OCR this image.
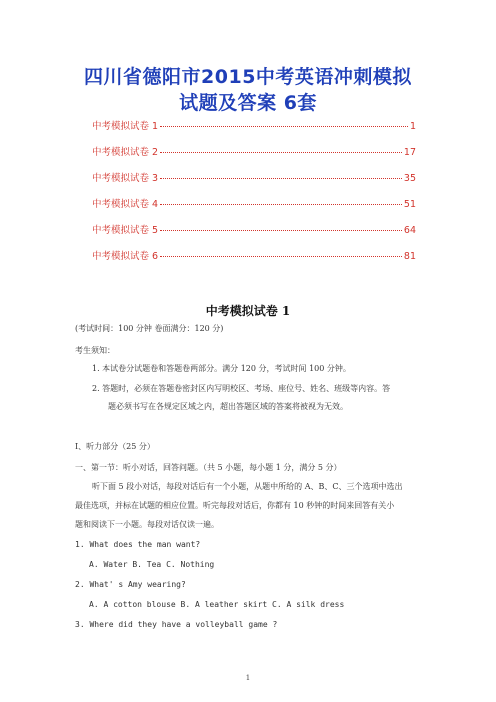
四川省德阳市2015中考英语冲刺模拟
试题及答案 6套
中考模拟试卷 1	1
中考模拟试卷 2	17
中考模拟试卷 3	35
中考模拟试卷 4	51
中考模拟试卷 5	64
中考模拟试卷 6	81
中考模拟试卷 1
(考试时间：100 分钟 卷面满分：120 分)
考生须知：
1. 本试卷分试题卷和答题卷两部分。满分 120 分，考试时间 100 分钟。
2. 答题时，必须在答题卷密封区内写明校区、考场、座位号、姓名、班级等内容。答
题必须书写在各规定区域之内，超出答题区域的答案将被视为无效。
I、听力部分（25 分）
一、第一节：听小对话，回答问题。（共 5 小题，每小题 1 分，满分 5 分）
听下面 5 段小对话，每段对话后有一个小题，从题中所给的 A、B、C、三个选项中选出
最佳选项，并标在试题的相应位置。听完每段对话后，你都有 10 秒钟的时间来回答有关小
题和阅读下一小题。每段对话仅读一遍。
1. What does the man want?
A. Water B. Tea C. Nothing
2. What' s Amy wearing?
A. A cotton blouse B. A leather skirt C. A silk dress
3. Where did they have a volleyball game ?
1
